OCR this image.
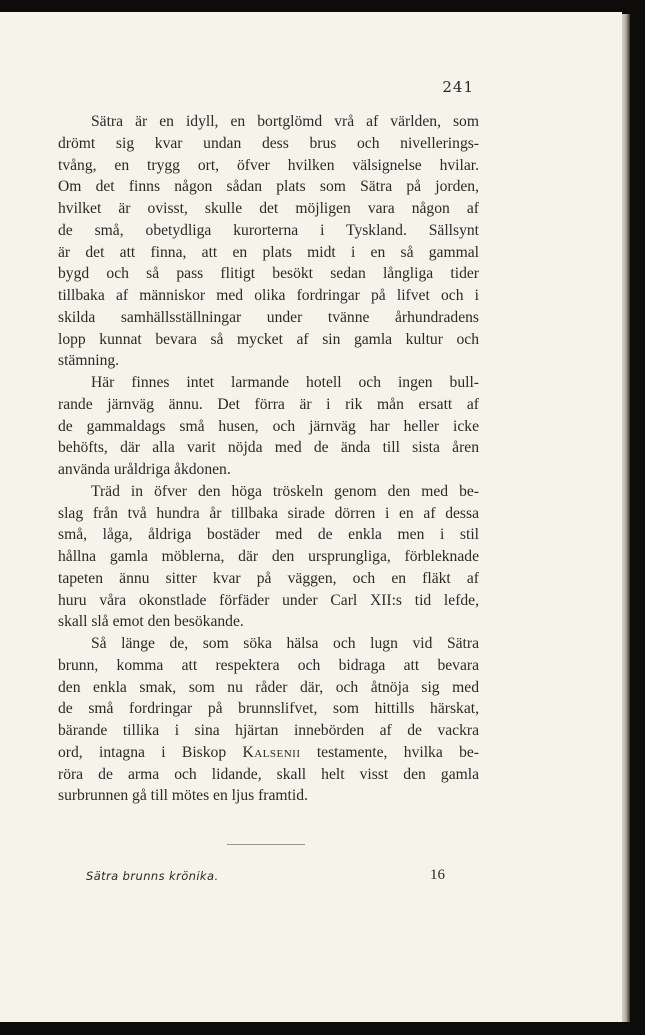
241
Sätra är en idyll, en bortglömd vrå af världen, som
drömt sig kvar undan dess brus och nivellerings-
tvång, en trygg ort, öfver hvilken välsignelse hvilar.
Om det finns någon sådan plats som Sätra på jorden,
hvilket är ovisst, skulle det möjligen vara någon af
de små, obetydliga kurorterna i Tyskland. Sällsynt
är det att finna, att en plats midt i en så gammal
bygd och så pass flitigt besökt sedan långliga tider
tillbaka af människor med olika fordringar på lifvet och i
skilda samhällsställningar under tvänne århundradens
lopp kunnat bevara så mycket af sin gamla kultur och
stämning.
Här finnes intet larmande hotell och ingen bull-
rande järnväg ännu. Det förra är i rik mån ersatt af
de gammaldags små husen, och järnväg har heller icke
behöfts, där alla varit nöjda med de ända till sista åren
använda uråldriga åkdonen.
Träd in öfver den höga tröskeln genom den med be-
slag från två hundra år tillbaka sirade dörren i en af dessa
små, låga, åldriga bostäder med de enkla men i stil
hållna gamla möblerna, där den ursprungliga, förbleknade
tapeten ännu sitter kvar på väggen, och en fläkt af
huru våra okonstlade förfäder under Carl XII:s tid lefde,
skall slå emot den besökande.
Så länge de, som söka hälsa och lugn vid Sätra
brunn, komma att respektera och bidraga att bevara
den enkla smak, som nu råder där, och åtnöja sig med
de små fordringar på brunnslifvet, som hittills härskat,
bärande tillika i sina hjärtan innebörden af de vackra
ord, intagna i Biskop Kalsenii testamente, hvilka be-
röra de arma och lidande, skall helt visst den gamla
surbrunnen gå till mötes en ljus framtid.
Sätra brunns krönika.	16
